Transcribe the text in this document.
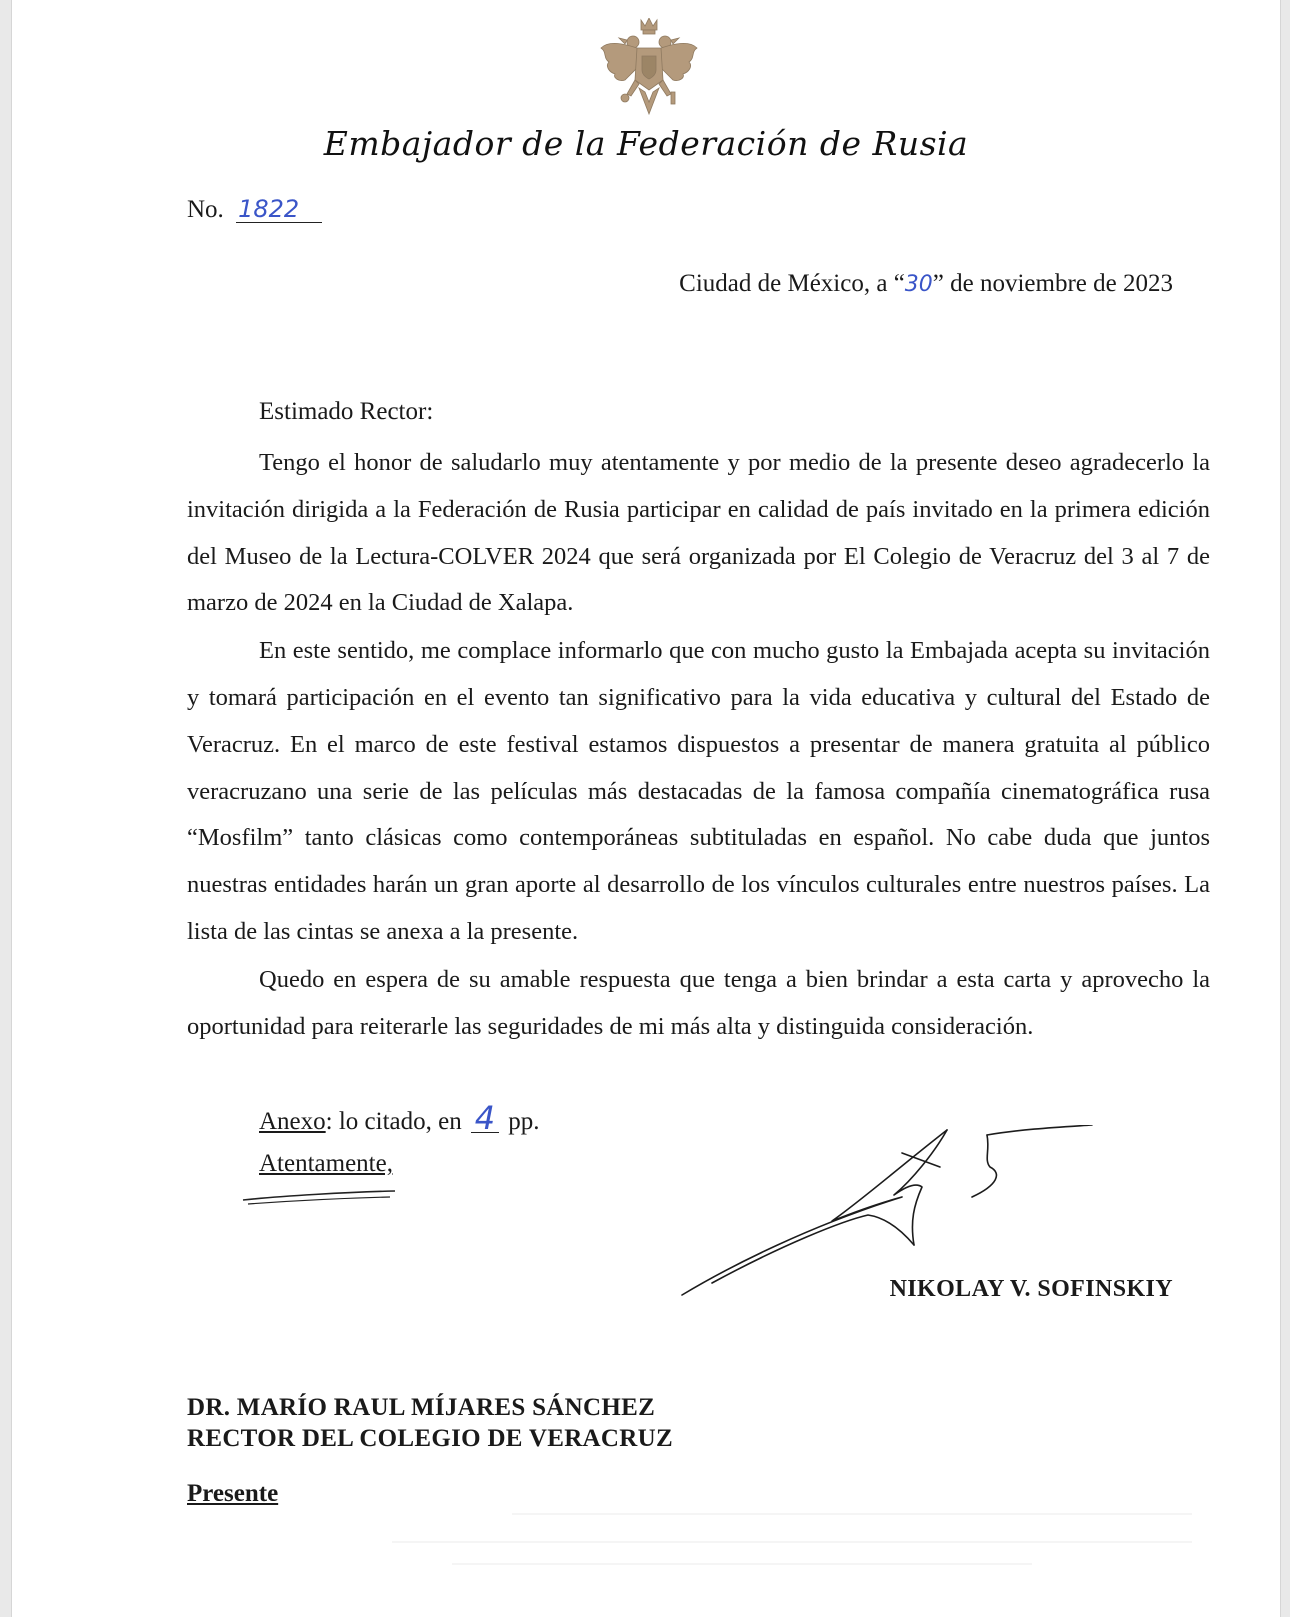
Embajador de la Federación de Rusia
No. 1822
Ciudad de México, a “30” de noviembre de 2023
Estimado Rector:

Tengo el honor de saludarlo muy atentamente y por medio de la presente deseo agradecerlo la invitación dirigida a la Federación de Rusia participar en calidad de país invitado en la primera edición del Museo de la Lectura-COLVER 2024 que será organizada por El Colegio de Veracruz del 3 al 7 de marzo de 2024 en la Ciudad de Xalapa.

En este sentido, me complace informarlo que con mucho gusto la Embajada acepta su invitación y tomará participación en el evento tan significativo para la vida educativa y cultural del Estado de Veracruz. En el marco de este festival estamos dispuestos a presentar de manera gratuita al público veracruzano una serie de las películas más destacadas de la famosa compañía cinematográfica rusa “Mosfilm” tanto clásicas como contemporáneas subtituladas en español. No cabe duda que juntos nuestras entidades harán un gran aporte al desarrollo de los vínculos culturales entre nuestros países. La lista de las cintas se anexa a la presente.

Quedo en espera de su amable respuesta que tenga a bien brindar a esta carta y aprovecho la oportunidad para reiterarle las seguridades de mi más alta y distinguida consideración.

Anexo: lo citado, en 4 pp.
Atentamente,
NIKOLAY V. SOFINSKIY
DR. MARÍO RAUL MÍJARES SÁNCHEZ
RECTOR DEL COLEGIO DE VERACRUZ
Presente
